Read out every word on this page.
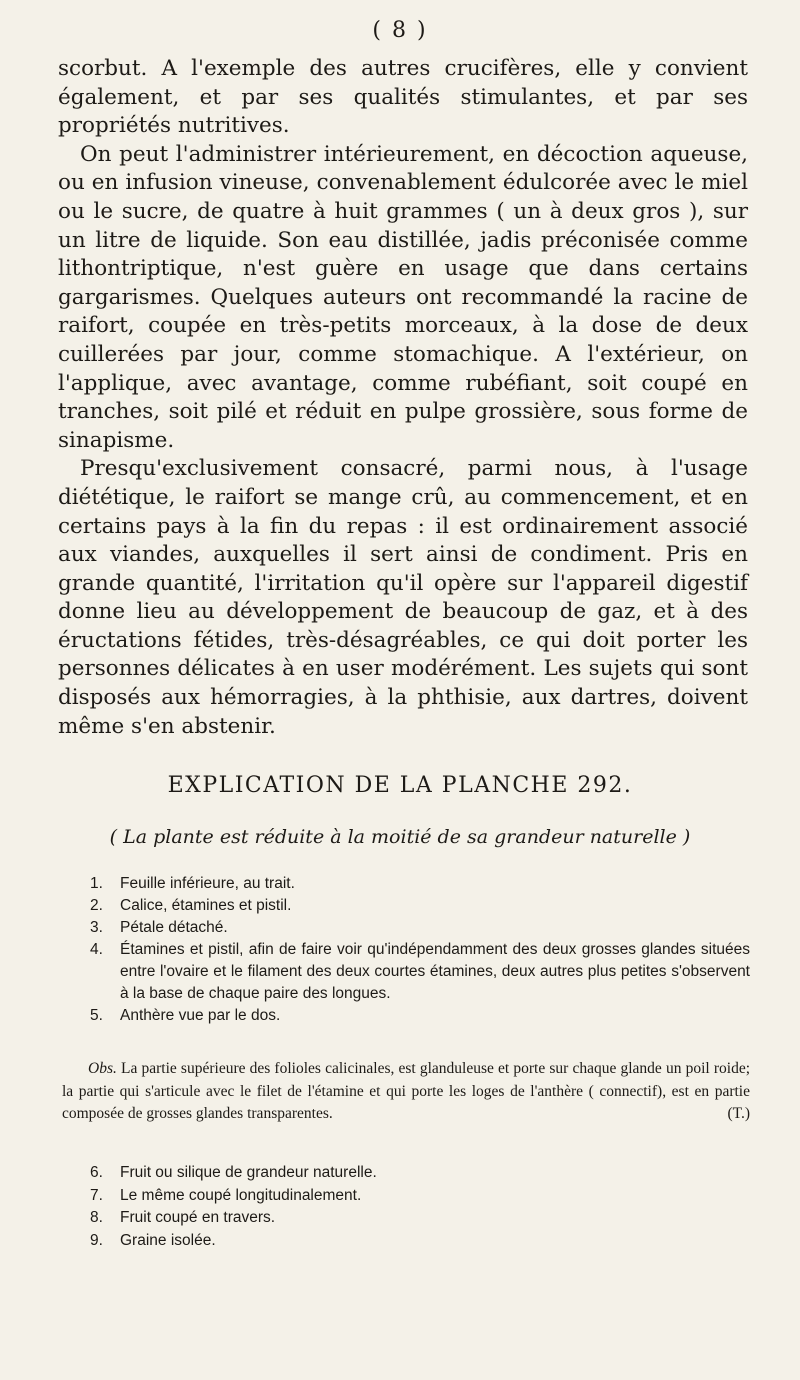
( 8 )

scorbut. A l'exemple des autres crucifères, elle y convient également, et par ses qualités stimulantes, et par ses propriétés nutritives.

On peut l'administrer intérieurement, en décoction aqueuse, ou en infusion vineuse, convenablement édulcorée avec le miel ou le sucre, de quatre à huit grammes ( un à deux gros ), sur un litre de liquide. Son eau distillée, jadis préconisée comme lithontriptique, n'est guère en usage que dans certains gargarismes. Quelques auteurs ont recommandé la racine de raifort, coupée en très-petits morceaux, à la dose de deux cuillerées par jour, comme stomachique. A l'extérieur, on l'applique, avec avantage, comme rubéfiant, soit coupé en tranches, soit pilé et réduit en pulpe grossière, sous forme de sinapisme.

Presqu'exclusivement consacré, parmi nous, à l'usage diététique, le raifort se mange crû, au commencement, et en certains pays à la fin du repas : il est ordinairement associé aux viandes, auxquelles il sert ainsi de condiment. Pris en grande quantité, l'irritation qu'il opère sur l'appareil digestif donne lieu au développement de beaucoup de gaz, et à des éructations fétides, très-désagréables, ce qui doit porter les personnes délicates à en user modérément. Les sujets qui sont disposés aux hémorragies, à la phthisie, aux dartres, doivent même s'en abstenir.

EXPLICATION DE LA PLANCHE 292.
( La plante est réduite à la moitié de sa grandeur naturelle )
1.	Feuille inférieure, au trait.
2.	Calice, étamines et pistil.
3.	Pétale détaché.
4.	Étamines et pistil, afin de faire voir qu'indépendamment des deux grosses glandes situées entre l'ovaire et le filament des deux courtes étamines, deux autres plus petites s'observent à la base de chaque paire des longues.
5.	Anthère vue par le dos.
Obs. La partie supérieure des folioles calicinales, est glanduleuse et porte sur chaque glande un poil roide; la partie qui s'articule avec le filet de l'étamine et qui porte les loges de l'anthère ( connectif), est en partie composée de grosses glandes transparentes.	(T.)
6.	Fruit ou silique de grandeur naturelle.
7.	Le même coupé longitudinalement.
8.	Fruit coupé en travers.
9.	Graine isolée.
